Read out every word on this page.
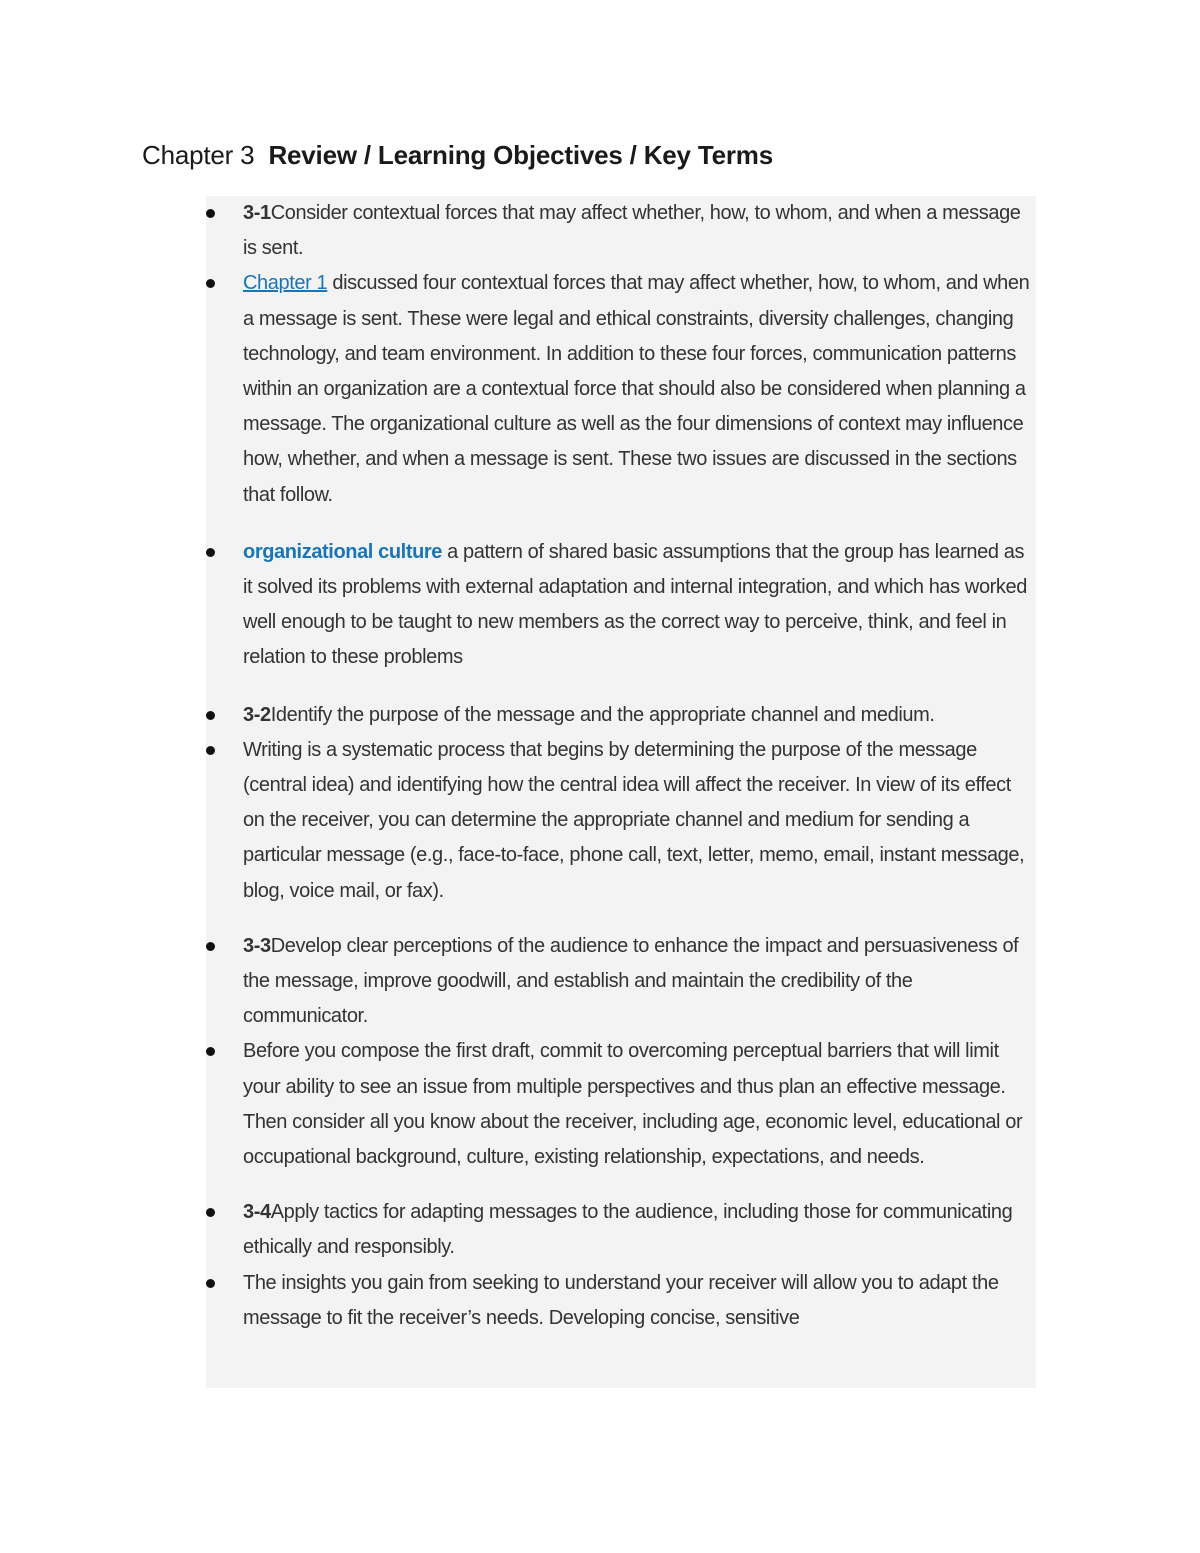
Chapter 3 Review / Learning Objectives / Key Terms
3-1Consider contextual forces that may affect whether, how, to whom, and when a message is sent.
Chapter 1 discussed four contextual forces that may affect whether, how, to whom, and when a message is sent. These were legal and ethical constraints, diversity challenges, changing technology, and team environment. In addition to these four forces, communication patterns within an organization are a contextual force that should also be considered when planning a message. The organizational culture as well as the four dimensions of context may influence how, whether, and when a message is sent. These two issues are discussed in the sections that follow.
organizational culture a pattern of shared basic assumptions that the group has learned as it solved its problems with external adaptation and internal integration, and which has worked well enough to be taught to new members as the correct way to perceive, think, and feel in relation to these problems
3-2Identify the purpose of the message and the appropriate channel and medium.
Writing is a systematic process that begins by determining the purpose of the message (central idea) and identifying how the central idea will affect the receiver. In view of its effect on the receiver, you can determine the appropriate channel and medium for sending a particular message (e.g., face-to-face, phone call, text, letter, memo, email, instant message, blog, voice mail, or fax).
3-3Develop clear perceptions of the audience to enhance the impact and persuasiveness of the message, improve goodwill, and establish and maintain the credibility of the communicator.
Before you compose the first draft, commit to overcoming perceptual barriers that will limit your ability to see an issue from multiple perspectives and thus plan an effective message. Then consider all you know about the receiver, including age, economic level, educational or occupational background, culture, existing relationship, expectations, and needs.
3-4Apply tactics for adapting messages to the audience, including those for communicating ethically and responsibly.
The insights you gain from seeking to understand your receiver will allow you to adapt the message to fit the receiver’s needs. Developing concise, sensitive
